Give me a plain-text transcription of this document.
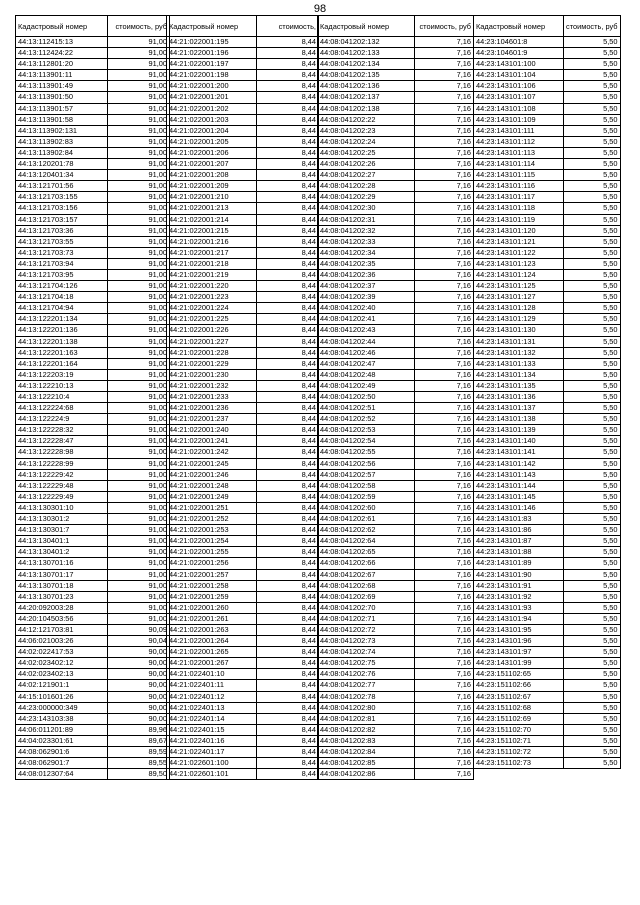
98
Кадастровый номер	стоимость, руб
44:13:112415:13	91,00
44:13:112424:22	91,00
44:13:112801:20	91,00
44:13:113901:11	91,00
44:13:113901:49	91,00
44:13:113901:50	91,00
44:13:113901:57	91,00
44:13:113901:58	91,00
44:13:113902:131	91,00
44:13:113902:83	91,00
44:13:113902:84	91,00
44:13:120201:78	91,00
44:13:120401:34	91,00
44:13:121701:56	91,00
44:13:121703:155	91,00
44:13:121703:156	91,00
44:13:121703:157	91,00
44:13:121703:36	91,00
44:13:121703:55	91,00
44:13:121703:73	91,00
44:13:121703:94	91,00
44:13:121703:95	91,00
44:13:121704:126	91,00
44:13:121704:18	91,00
44:13:121704:94	91,00
44:13:122201:134	91,00
44:13:122201:136	91,00
44:13:122201:138	91,00
44:13:122201:163	91,00
44:13:122201:164	91,00
44:13:122203:19	91,00
44:13:122210:13	91,00
44:13:122210:4	91,00
44:13:122224:68	91,00
44:13:122224:9	91,00
44:13:122228:32	91,00
44:13:122228:47	91,00
44:13:122228:98	91,00
44:13:122228:99	91,00
44:13:122229:42	91,00
44:13:122229:48	91,00
44:13:122229:49	91,00
44:13:130301:10	91,00
44:13:130301:2	91,00
44:13:130301:7	91,00
44:13:130401:1	91,00
44:13:130401:2	91,00
44:13:130701:16	91,00
44:13:130701:17	91,00
44:13:130701:18	91,00
44:13:130701:23	91,00
44:20:092003:28	91,00
44:20:104503:56	91,00
44:12:121703:81	90,09
44:06:021003:26	90,04
44:02:022417:53	90,00
44:02:023402:12	90,00
44:02:023402:13	90,00
44:02:121901:1	90,00
44:15:101601:26	90,00
44:23:000000:349	90,00
44:23:143103:38	90,00
44:06:011201:89	89,96
44:04:023301:61	89,67
44:08:062901:6	89,59
44:08:062901:7	89,55
44:08:012307:64	89,50
Кадастровый номер	стоимость,
44:21:022001:195	8,44
44:21:022001:196	8,44
44:21:022001:197	8,44
44:21:022001:198	8,44
44:21:022001:200	8,44
44:21:022001:201	8,44
44:21:022001:202	8,44
44:21:022001:203	8,44
44:21:022001:204	8,44
44:21:022001:205	8,44
44:21:022001:206	8,44
44:21:022001:207	8,44
44:21:022001:208	8,44
44:21:022001:209	8,44
44:21:022001:210	8,44
44:21:022001:213	8,44
44:21:022001:214	8,44
44:21:022001:215	8,44
44:21:022001:216	8,44
44:21:022001:217	8,44
44:21:022001:218	8,44
44:21:022001:219	8,44
44:21:022001:220	8,44
44:21:022001:223	8,44
44:21:022001:224	8,44
44:21:022001:225	8,44
44:21:022001:226	8,44
44:21:022001:227	8,44
44:21:022001:228	8,44
44:21:022001:229	8,44
44:21:022001:230	8,44
44:21:022001:232	8,44
44:21:022001:233	8,44
44:21:022001:236	8,44
44:21:022001:237	8,44
44:21:022001:240	8,44
44:21:022001:241	8,44
44:21:022001:242	8,44
44:21:022001:245	8,44
44:21:022001:246	8,44
44:21:022001:248	8,44
44:21:022001:249	8,44
44:21:022001:251	8,44
44:21:022001:252	8,44
44:21:022001:253	8,44
44:21:022001:254	8,44
44:21:022001:255	8,44
44:21:022001:256	8,44
44:21:022001:257	8,44
44:21:022001:258	8,44
44:21:022001:259	8,44
44:21:022001:260	8,44
44:21:022001:261	8,44
44:21:022001:263	8,44
44:21:022001:264	8,44
44:21:022001:265	8,44
44:21:022001:267	8,44
44:21:022401:10	8,44
44:21:022401:11	8,44
44:21:022401:12	8,44
44:21:022401:13	8,44
44:21:022401:14	8,44
44:21:022401:15	8,44
44:21:022401:16	8,44
44:21:022401:17	8,44
44:21:022601:100	8,44
44:21:022601:101	8,44
Кадастровый номер	стоимость, руб
44:08:041202:132	7,16
44:08:041202:133	7,16
44:08:041202:134	7,16
44:08:041202:135	7,16
44:08:041202:136	7,16
44:08:041202:137	7,16
44:08:041202:138	7,16
44:08:041202:22	7,16
44:08:041202:23	7,16
44:08:041202:24	7,16
44:08:041202:25	7,16
44:08:041202:26	7,16
44:08:041202:27	7,16
44:08:041202:28	7,16
44:08:041202:29	7,16
44:08:041202:30	7,16
44:08:041202:31	7,16
44:08:041202:32	7,16
44:08:041202:33	7,16
44:08:041202:34	7,16
44:08:041202:35	7,16
44:08:041202:36	7,16
44:08:041202:37	7,16
44:08:041202:39	7,16
44:08:041202:40	7,16
44:08:041202:41	7,16
44:08:041202:43	7,16
44:08:041202:44	7,16
44:08:041202:46	7,16
44:08:041202:47	7,16
44:08:041202:48	7,16
44:08:041202:49	7,16
44:08:041202:50	7,16
44:08:041202:51	7,16
44:08:041202:52	7,16
44:08:041202:53	7,16
44:08:041202:54	7,16
44:08:041202:55	7,16
44:08:041202:56	7,16
44:08:041202:57	7,16
44:08:041202:58	7,16
44:08:041202:59	7,16
44:08:041202:60	7,16
44:08:041202:61	7,16
44:08:041202:62	7,16
44:08:041202:64	7,16
44:08:041202:65	7,16
44:08:041202:66	7,16
44:08:041202:67	7,16
44:08:041202:68	7,16
44:08:041202:69	7,16
44:08:041202:70	7,16
44:08:041202:71	7,16
44:08:041202:72	7,16
44:08:041202:73	7,16
44:08:041202:74	7,16
44:08:041202:75	7,16
44:08:041202:76	7,16
44:08:041202:77	7,16
44:08:041202:78	7,16
44:08:041202:80	7,16
44:08:041202:81	7,16
44:08:041202:82	7,16
44:08:041202:83	7,16
44:08:041202:84	7,16
44:08:041202:85	7,16
44:08:041202:86	7,16
Кадастровый номер	стоимость, руб
44:23:104601:8	5,50
44:23:104601:9	5,50
44:23:143101:100	5,50
44:23:143101:104	5,50
44:23:143101:106	5,50
44:23:143101:107	5,50
44:23:143101:108	5,50
44:23:143101:109	5,50
44:23:143101:111	5,50
44:23:143101:112	5,50
44:23:143101:113	5,50
44:23:143101:114	5,50
44:23:143101:115	5,50
44:23:143101:116	5,50
44:23:143101:117	5,50
44:23:143101:118	5,50
44:23:143101:119	5,50
44:23:143101:120	5,50
44:23:143101:121	5,50
44:23:143101:122	5,50
44:23:143101:123	5,50
44:23:143101:124	5,50
44:23:143101:125	5,50
44:23:143101:127	5,50
44:23:143101:128	5,50
44:23:143101:129	5,50
44:23:143101:130	5,50
44:23:143101:131	5,50
44:23:143101:132	5,50
44:23:143101:133	5,50
44:23:143101:134	5,50
44:23:143101:135	5,50
44:23:143101:136	5,50
44:23:143101:137	5,50
44:23:143101:138	5,50
44:23:143101:139	5,50
44:23:143101:140	5,50
44:23:143101:141	5,50
44:23:143101:142	5,50
44:23:143101:143	5,50
44:23:143101:144	5,50
44:23:143101:145	5,50
44:23:143101:146	5,50
44:23:143101:83	5,50
44:23:143101:86	5,50
44:23:143101:87	5,50
44:23:143101:88	5,50
44:23:143101:89	5,50
44:23:143101:90	5,50
44:23:143101:91	5,50
44:23:143101:92	5,50
44:23:143101:93	5,50
44:23:143101:94	5,50
44:23:143101:95	5,50
44:23:143101:96	5,50
44:23:143101:97	5,50
44:23:143101:99	5,50
44:23:151102:65	5,50
44:23:151102:66	5,50
44:23:151102:67	5,50
44:23:151102:68	5,50
44:23:151102:69	5,50
44:23:151102:70	5,50
44:23:151102:71	5,50
44:23:151102:72	5,50
44:23:151102:73	5,50
